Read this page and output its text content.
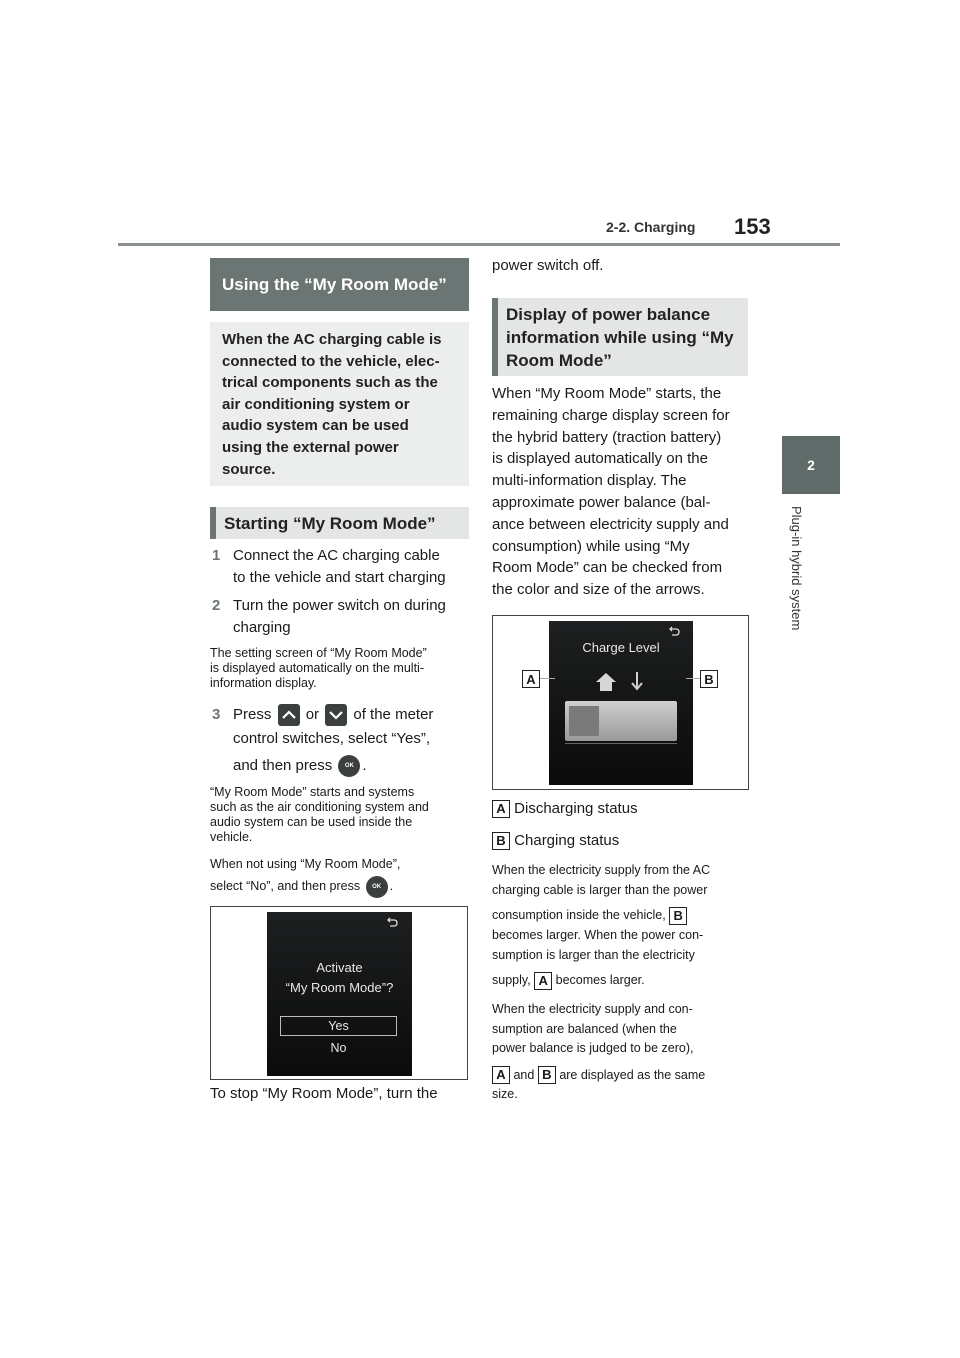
2-2. Charging 153
2
Plug-in hybrid system
Using the “My Room Mode”
When the AC charging cable is
connected to the vehicle, elec-
trical components such as the
air conditioning system or
audio system can be used
using the external power
source.
Starting “My Room Mode”
1 Connect the AC charging cable
to the vehicle and start charging
2 Turn the power switch on during
charging
The setting screen of “My Room Mode”
is displayed automatically on the multi-
information display.
3 Press or of the meter
control switches, select “Yes”,
and then press OK .
“My Room Mode” starts and systems
such as the air conditioning system and
audio system can be used inside the
vehicle.
When not using “My Room Mode”,
select “No”, and then press OK .
Activate
“My Room Mode”?
Yes
No
To stop “My Room Mode”, turn the
power switch off.
Display of power balance information while using “My Room Mode”
When “My Room Mode” starts, the
remaining charge display screen for
the hybrid battery (traction battery)
is displayed automatically on the
multi-information display. The
approximate power balance (bal-
ance between electricity supply and
consumption) while using “My
Room Mode” can be checked from
the color and size of the arrows.
Charge Level
A	B
A Discharging status
B Charging status
When the electricity supply from the AC
charging cable is larger than the power
consumption inside the vehicle, B
becomes larger. When the power con-
sumption is larger than the electricity
supply, A becomes larger.
When the electricity supply and con-
sumption are balanced (when the
power balance is judged to be zero),
A and B are displayed as the same
size.
